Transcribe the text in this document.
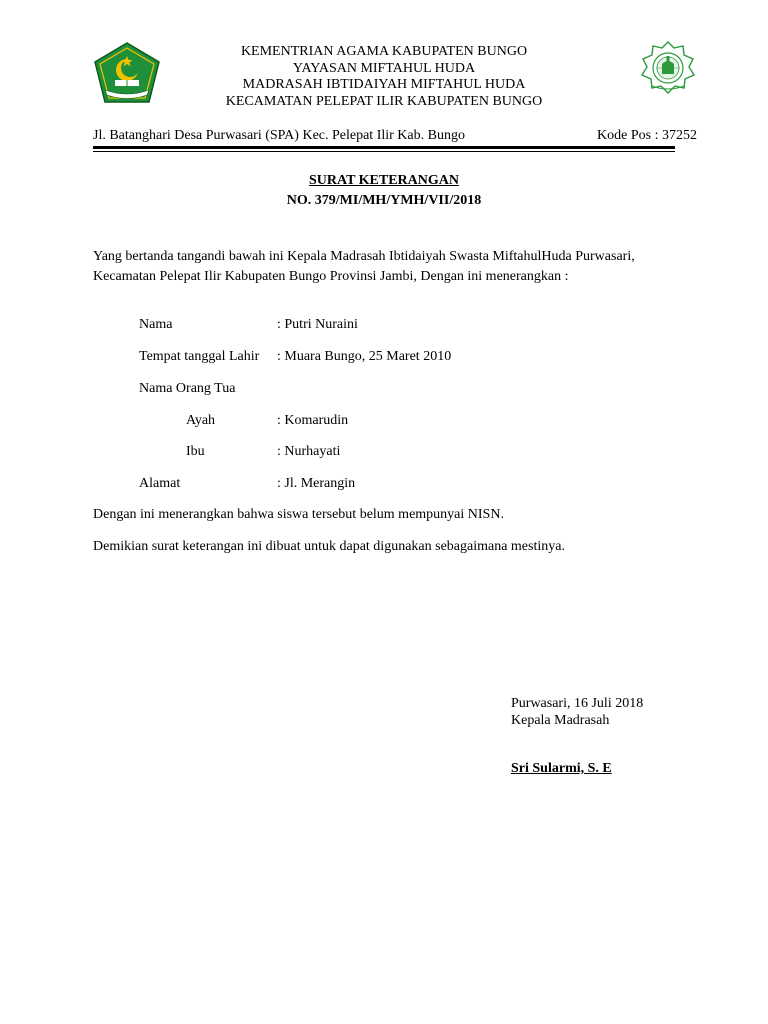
KEMENTRIAN AGAMA KABUPATEN BUNGO
YAYASAN MIFTAHUL HUDA
MADRASAH IBTIDAIYAH MIFTAHUL HUDA
KECAMATAN PELEPAT ILIR KABUPATEN BUNGO
Jl. Batanghari Desa Purwasari (SPA) Kec. Pelepat Ilir Kab. Bungo	Kode Pos : 37252
SURAT KETERANGAN
NO. 379/MI/MH/YMH/VII/2018
Yang bertanda tangandi bawah ini Kepala Madrasah Ibtidaiyah Swasta MiftahulHuda Purwasari, Kecamatan Pelepat Ilir Kabupaten Bungo Provinsi Jambi, Dengan ini menerangkan :
Nama	: Putri Nuraini
Tempat tanggal Lahir : Muara Bungo, 25 Maret 2010
Nama Orang Tua
Ayah	: Komarudin
Ibu	: Nurhayati
Alamat	: Jl. Merangin
Dengan ini menerangkan bahwa siswa tersebut belum mempunyai NISN.
Demikian surat keterangan ini dibuat untuk dapat digunakan sebagaimana mestinya.
Purwasari, 16 Juli 2018
Kepala Madrasah
Sri Sularmi, S. E
